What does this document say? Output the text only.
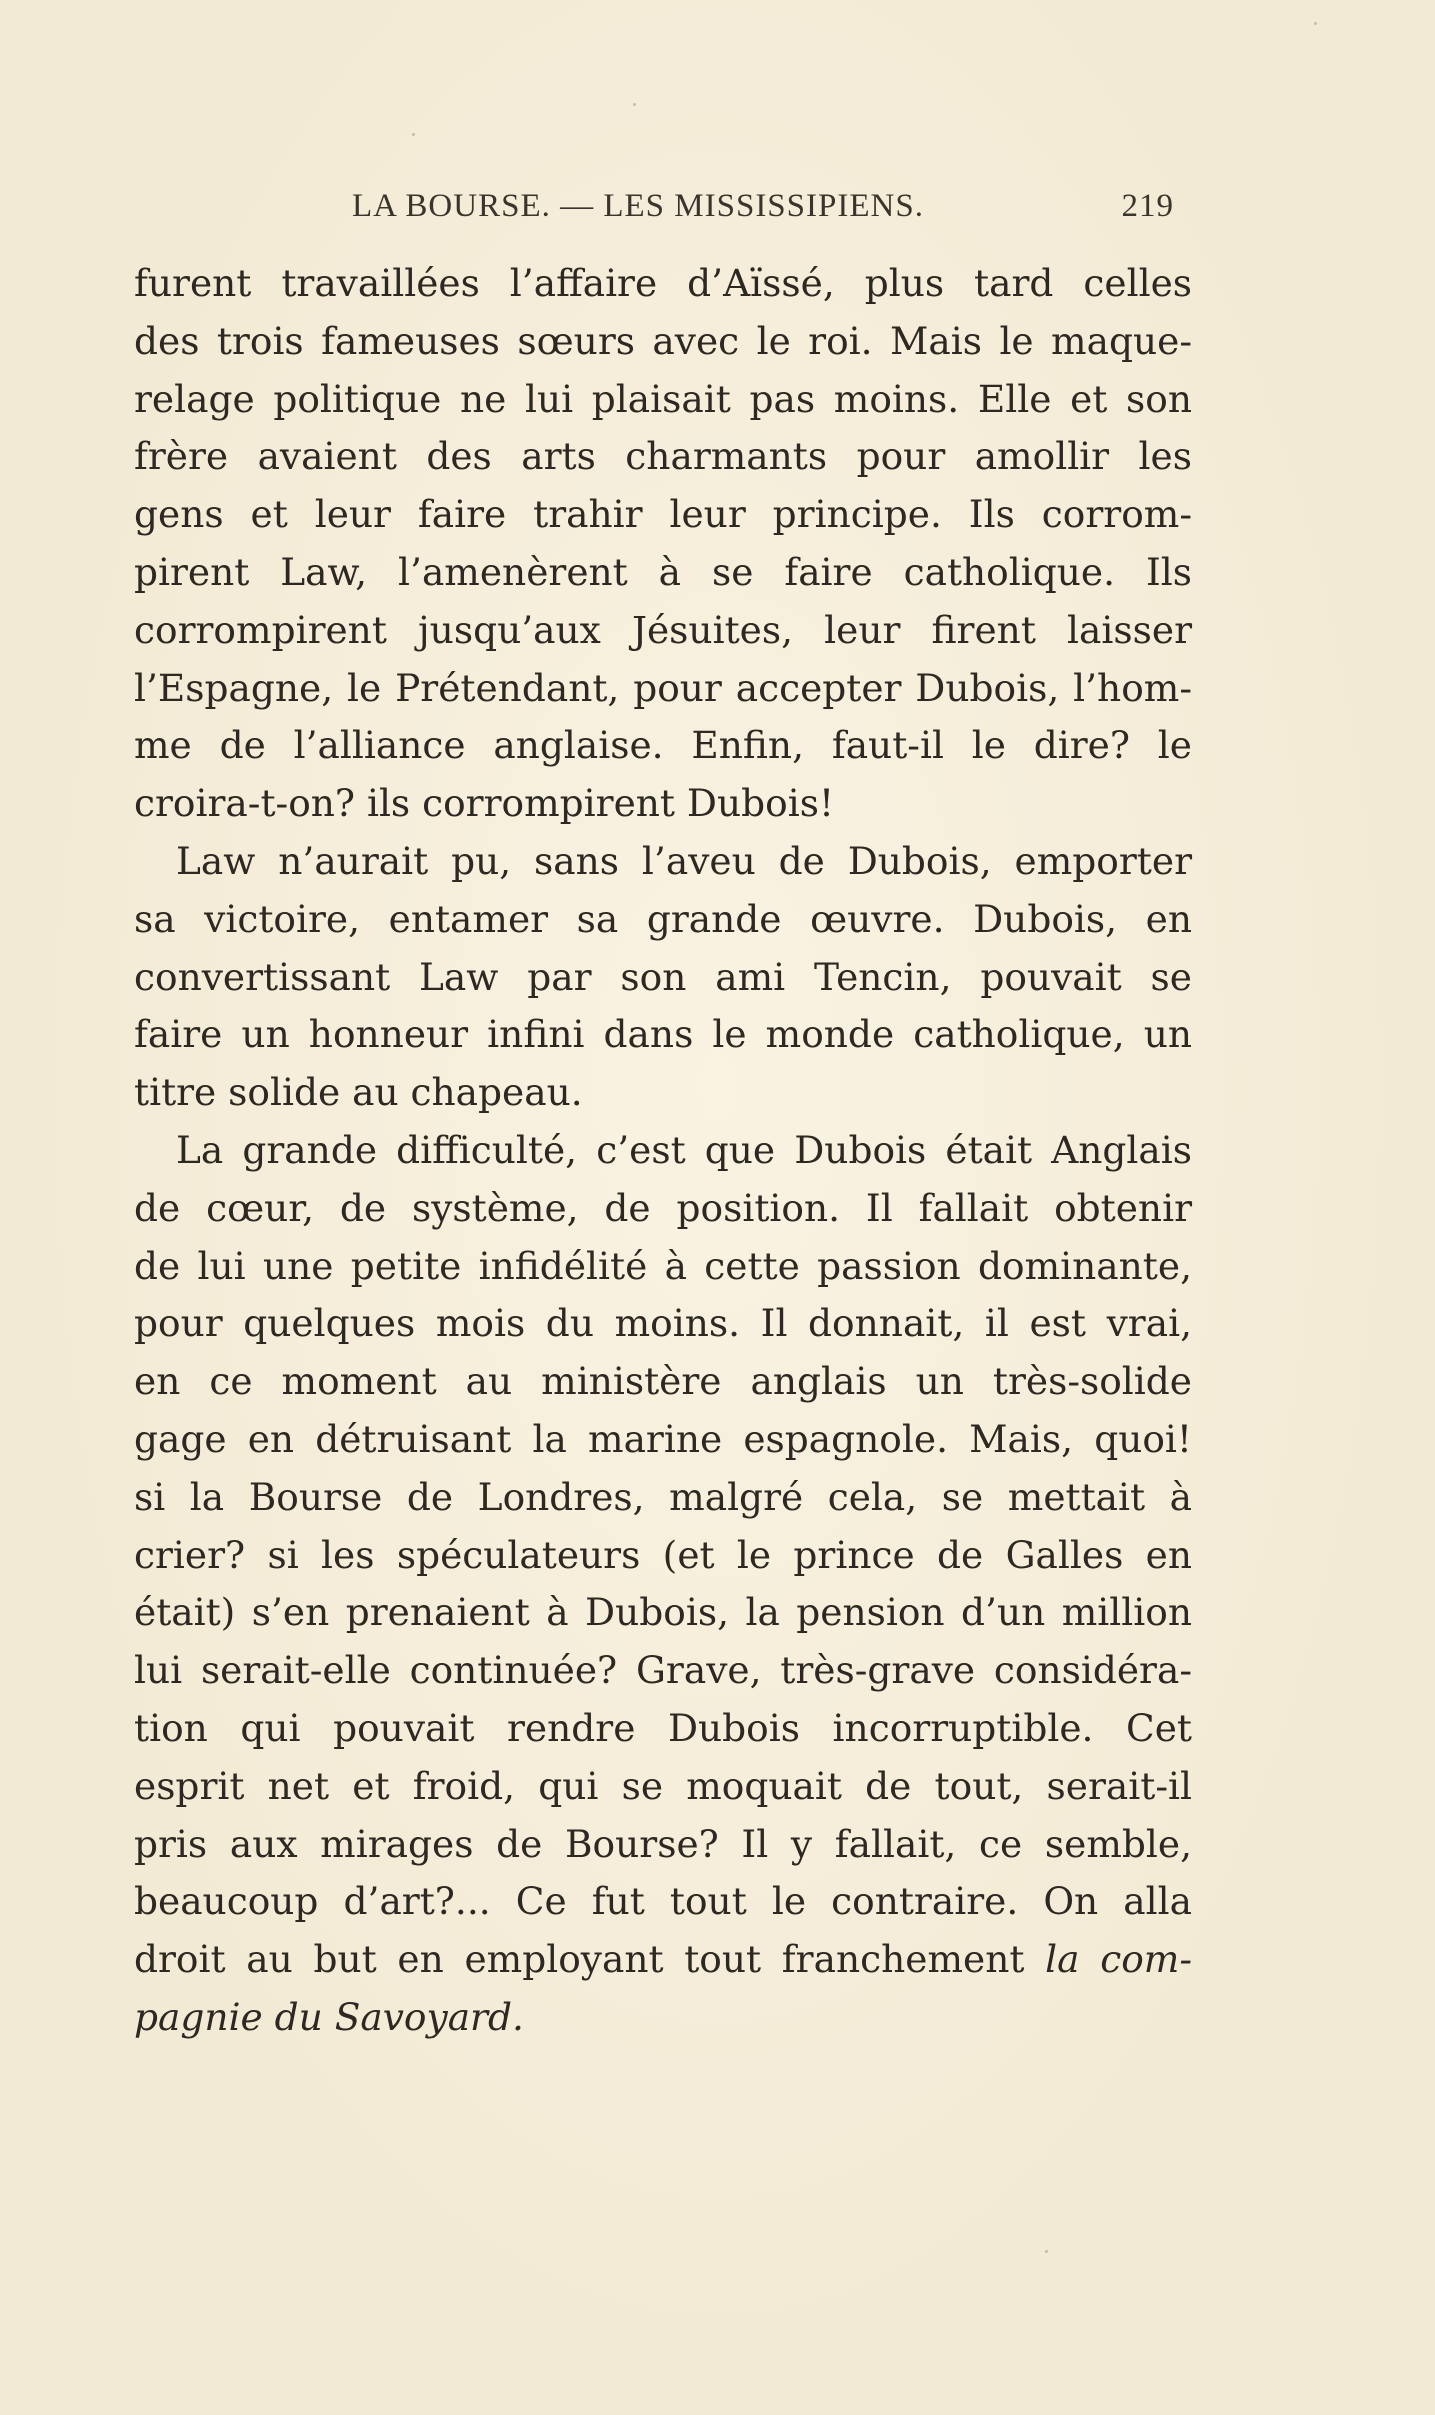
LA BOURSE. — LES MISSISSIPIENS.	219
furent travaillées l’affaire d’Aïssé, plus tard celles
des trois fameuses sœurs avec le roi. Mais le maque-
relage politique ne lui plaisait pas moins. Elle et son
frère avaient des arts charmants pour amollir les
gens et leur faire trahir leur principe. Ils corrom-
pirent Law, l’amenèrent à se faire catholique. Ils
corrompirent jusqu’aux Jésuites, leur firent laisser
l’Espagne, le Prétendant, pour accepter Dubois, l’hom-
me de l’alliance anglaise. Enfin, faut-il le dire? le
croira-t-on? ils corrompirent Dubois!
Law n’aurait pu, sans l’aveu de Dubois, emporter
sa victoire, entamer sa grande œuvre. Dubois, en
convertissant Law par son ami Tencin, pouvait se
faire un honneur infini dans le monde catholique, un
titre solide au chapeau.
La grande difficulté, c’est que Dubois était Anglais
de cœur, de système, de position. Il fallait obtenir
de lui une petite infidélité à cette passion dominante,
pour quelques mois du moins. Il donnait, il est vrai,
en ce moment au ministère anglais un très-solide
gage en détruisant la marine espagnole. Mais, quoi!
si la Bourse de Londres, malgré cela, se mettait à
crier? si les spéculateurs (et le prince de Galles en
était) s’en prenaient à Dubois, la pension d’un million
lui serait-elle continuée? Grave, très-grave considéra-
tion qui pouvait rendre Dubois incorruptible. Cet
esprit net et froid, qui se moquait de tout, serait-il
pris aux mirages de Bourse? Il y fallait, ce semble,
beaucoup d’art?... Ce fut tout le contraire. On alla
droit au but en employant tout franchement la com-
pagnie du Savoyard.
